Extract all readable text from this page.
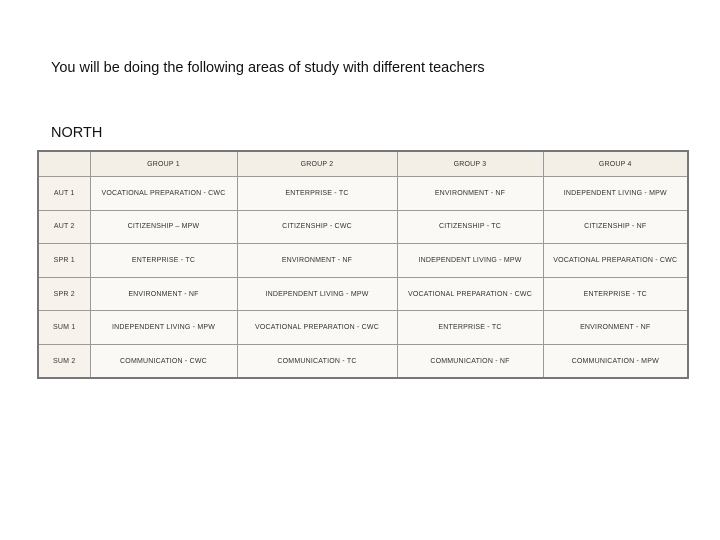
You will be doing the following areas of study with different teachers
NORTH
	GROUP 1	GROUP 2	GROUP 3	GROUP 4
AUT 1	VOCATIONAL PREPARATION - CWC	ENTERPRISE - TC	ENVIRONMENT - NF	INDEPENDENT LIVING - MPW
AUT 2	CITIZENSHIP – MPW	CITIZENSHIP - CWC	CITIZENSHIP - TC	CITIZENSHIP - NF
SPR 1	ENTERPRISE - TC	ENVIRONMENT - NF	INDEPENDENT LIVING - MPW	VOCATIONAL PREPARATION - CWC
SPR 2	ENVIRONMENT - NF	INDEPENDENT LIVING - MPW	VOCATIONAL PREPARATION - CWC	ENTERPRISE - TC
SUM 1	INDEPENDENT LIVING - MPW	VOCATIONAL PREPARATION - CWC	ENTERPRISE - TC	ENVIRONMENT - NF
SUM 2	COMMUNICATION - CWC	COMMUNICATION - TC	COMMUNICATION - NF	COMMUNICATION - MPW
